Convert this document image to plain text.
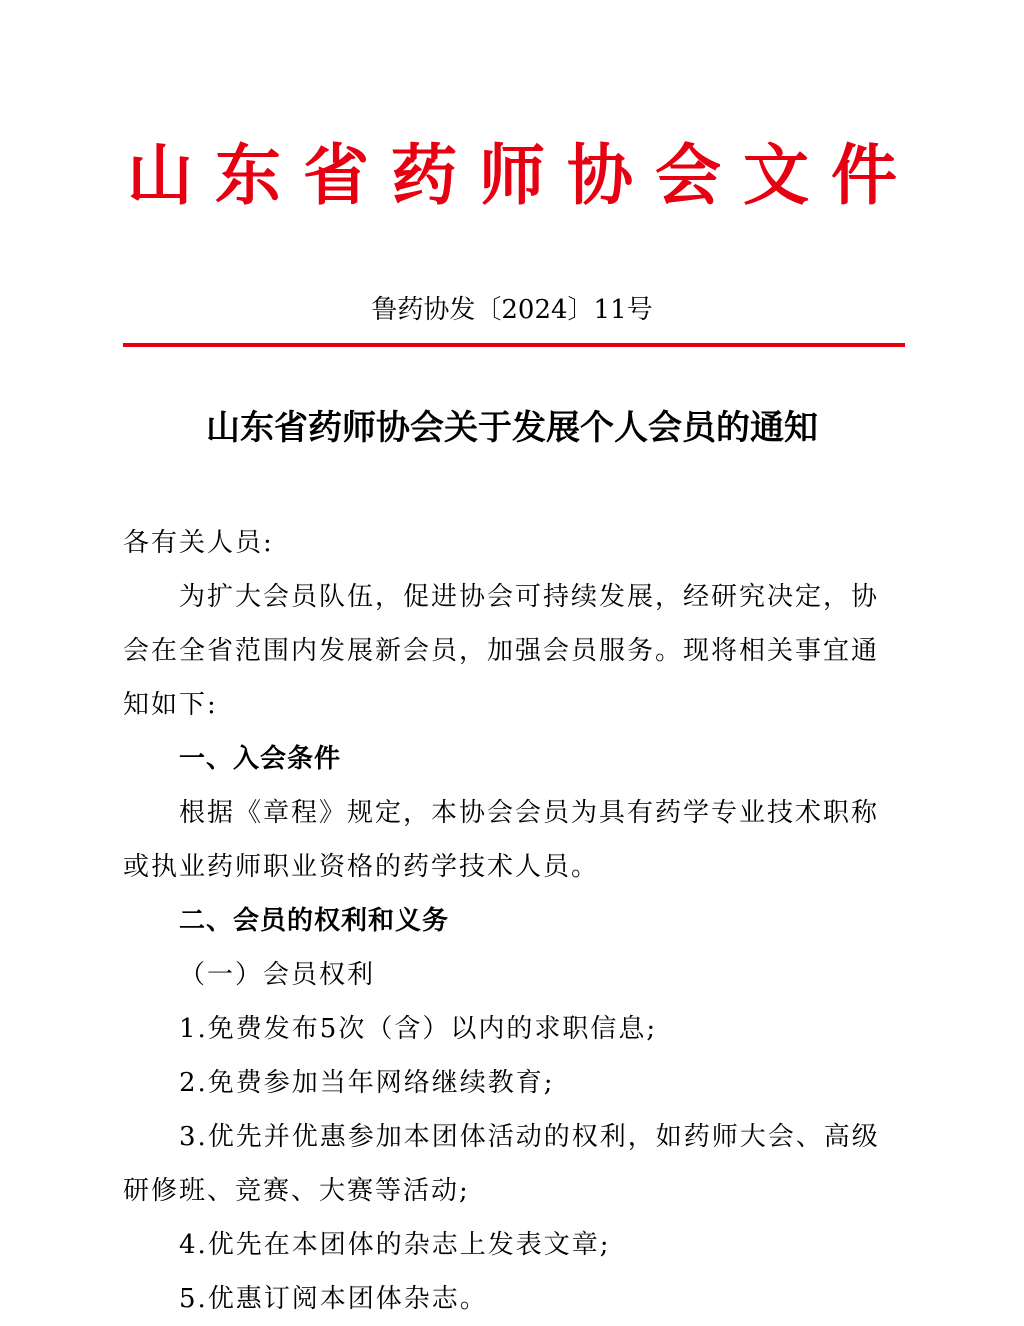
山东省药师协会文件
鲁药协发〔2024〕11号
山东省药师协会关于发展个人会员的通知

各有关人员:

为扩大会员队伍，促进协会可持续发展，经研究决定，协会在全省范围内发展新会员，加强会员服务。现将相关事宜通知如下:

一、入会条件

根据《章程》规定，本协会会员为具有药学专业技术职称或执业药师职业资格的药学技术人员。

二、会员的权利和义务

（一）会员权利

1.免费发布5次（含）以内的求职信息;

2.免费参加当年网络继续教育;

3.优先并优惠参加本团体活动的权利，如药师大会、高级研修班、竞赛、大赛等活动;

4.优先在本团体的杂志上发表文章;

5.优惠订阅本团体杂志。
